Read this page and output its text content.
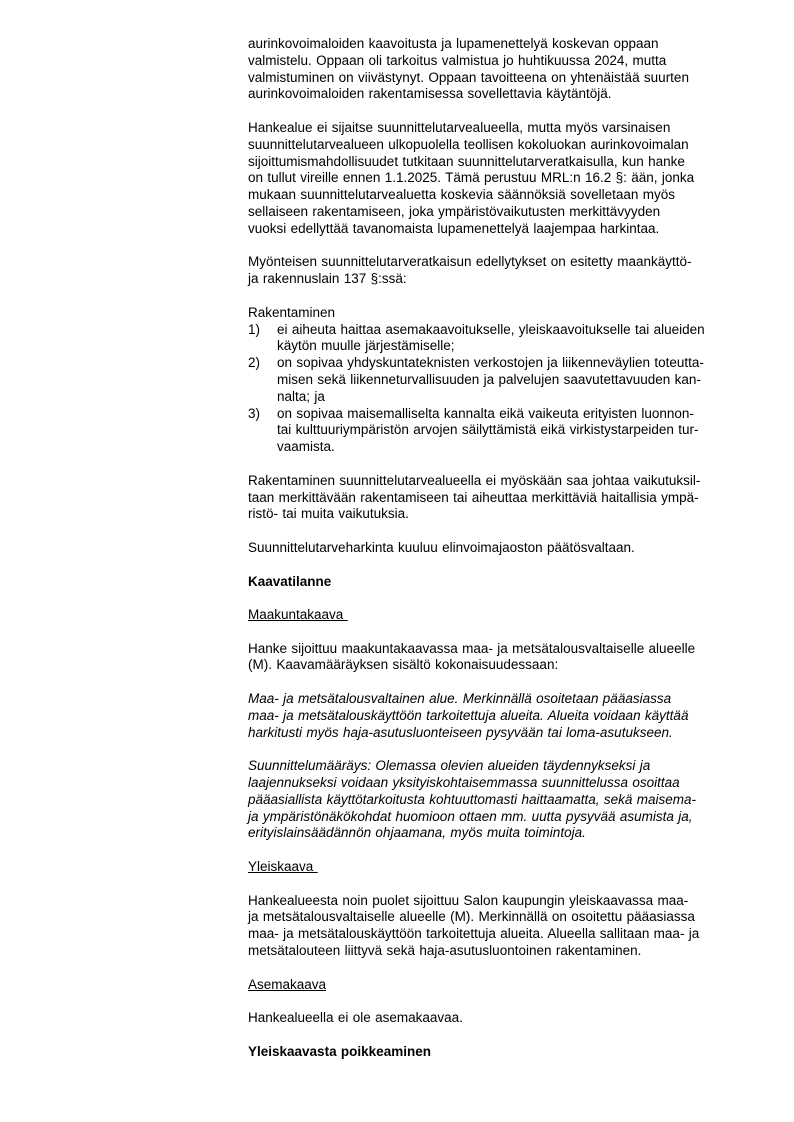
aurinkovoimaloiden kaavoitusta ja lupamenettelyä koskevan oppaan
valmistelu. Oppaan oli tarkoitus valmistua jo huhtikuussa 2024, mutta
valmistuminen on viivästynyt. Oppaan tavoitteena on yhtenäistää suurten
aurinkovoimaloiden rakentamisessa sovellettavia käytäntöjä.
Hankealue ei sijaitse suunnittelutarvealueella, mutta myös varsinaisen
suunnittelutarvealueen ulkopuolella teollisen kokoluokan aurinkovoimalan
sijoittumismahdollisuudet tutkitaan suunnittelutarveratkaisulla, kun hanke
on tullut vireille ennen 1.1.2025. Tämä perustuu MRL:n 16.2 §: ään, jonka
mukaan suunnittelutarvealuetta koskevia säännöksiä sovelletaan myös
sellaiseen rakentamiseen, joka ympäristövaikutusten merkittävyyden
vuoksi edellyttää tavanomaista lupamenettelyä laajempaa harkintaa.
Myönteisen suunnittelutarveratkaisun edellytykset on esitetty maankäyttö-
ja rakennuslain 137 §:ssä:
Rakentaminen
1)	ei aiheuta haittaa asemakaavoitukselle, yleiskaavoitukselle tai alueiden
käytön muulle järjestämiselle;
2)	on sopivaa yhdyskuntateknisten verkostojen ja liikenneväylien toteutta-
misen sekä liikenneturvallisuuden ja palvelujen saavutettavuuden kan-
nalta; ja
3)	on sopivaa maisemalliselta kannalta eikä vaikeuta erityisten luonnon-
tai kulttuuriympäristön arvojen säilyttämistä eikä virkistystarpeiden tur-
vaamista.
Rakentaminen suunnittelutarvealueella ei myöskään saa johtaa vaikutuksil-
taan merkittävään rakentamiseen tai aiheuttaa merkittäviä haitallisia ympä-
ristö- tai muita vaikutuksia.
Suunnittelutarveharkinta kuuluu elinvoimajaoston päätösvaltaan.
Kaavatilanne
Maakuntakaava
Hanke sijoittuu maakuntakaavassa maa- ja metsätalousvaltaiselle alueelle
(M). Kaavamääräyksen sisältö kokonaisuudessaan:
Maa- ja metsätalousvaltainen alue. Merkinnällä osoitetaan pääasiassa
maa- ja metsätalouskäyttöön tarkoitettuja alueita. Alueita voidaan käyttää
harkitusti myös haja-asutusluonteiseen pysyvään tai loma-asutukseen.
Suunnittelumääräys: Olemassa olevien alueiden täydennykseksi ja
laajennukseksi voidaan yksityiskohtaisemmassa suunnittelussa osoittaa
pääasiallista käyttötarkoitusta kohtuuttomasti haittaamatta, sekä maisema-
ja ympäristönäkökohdat huomioon ottaen mm. uutta pysyvää asumista ja,
erityislainsäädännön ohjaamana, myös muita toimintoja.
Yleiskaava
Hankealueesta noin puolet sijoittuu Salon kaupungin yleiskaavassa maa-
ja metsätalousvaltaiselle alueelle (M). Merkinnällä on osoitettu pääasiassa
maa- ja metsätalouskäyttöön tarkoitettuja alueita. Alueella sallitaan maa- ja
metsätalouteen liittyvä sekä haja-asutusluontoinen rakentaminen.
Asemakaava
Hankealueella ei ole asemakaavaa.
Yleiskaavasta poikkeaminen
